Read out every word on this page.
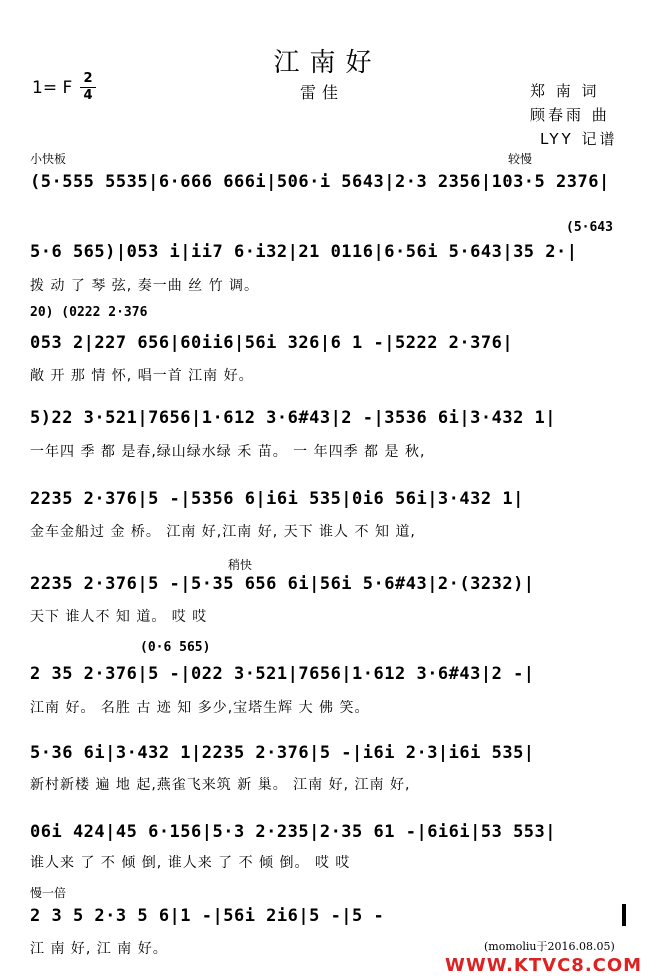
江南好
1= F 2
4	雷佳	郑 南 词
顾春雨 曲
LYY 记谱
小快板	较慢
稍快
慢一倍
(5·555 5535|6·666 666i|506·i 5643|2·3 2356|103·5 2376|
(5·643
5·6 565)|053 i|ii7 6·i32|21 0116|6·56i 5·643|35 2·|
拨 动 了 琴 弦, 奏一曲 丝 竹 调。
20) (0222 2·376
053 2|227 656|60ii6|56i 326|6 1 -|5222 2·376|
敞 开 那 情 怀, 唱一首 江南 好。
5)22 3·521|7656|1·612 3·6#43|2 -|3536 6i|3·432 1|
一年四 季 都 是春,绿山绿水绿 禾 苗。 一 年四季 都 是 秋,
2235 2·376|5 -|5356 6|i6i 535|0i6 56i|3·432 1|
金车金船过 金 桥。 江南 好,江南 好, 天下 谁人 不 知 道,
2235 2·376|5 -|5·35 656 6i|56i 5·6#43|2·(3232)|
天下 谁人不 知 道。 哎 哎
(0·6 565)
2 35 2·376|5 -|022 3·521|7656|1·612 3·6#43|2 -|
江南 好。 名胜 古 迹 知 多少,宝塔生辉 大 佛 笑。
5·36 6i|3·432 1|2235 2·376|5 -|i6i 2·3|i6i 535|
新村新楼 遍 地 起,燕雀飞来筑 新 巢。 江南 好, 江南 好,
06i 424|45 6·156|5·3 2·235|2·35 61 -|6i6i|53 553|
谁人来 了 不 倾 倒, 谁人来 了 不 倾 倒。 哎 哎
2 3 5 2·3 5 6|1 -|56i 2i6|5 -|5 -
江 南 好, 江 南 好。	(momoliu于2016.08.05)
WWW.KTVC8.COM
